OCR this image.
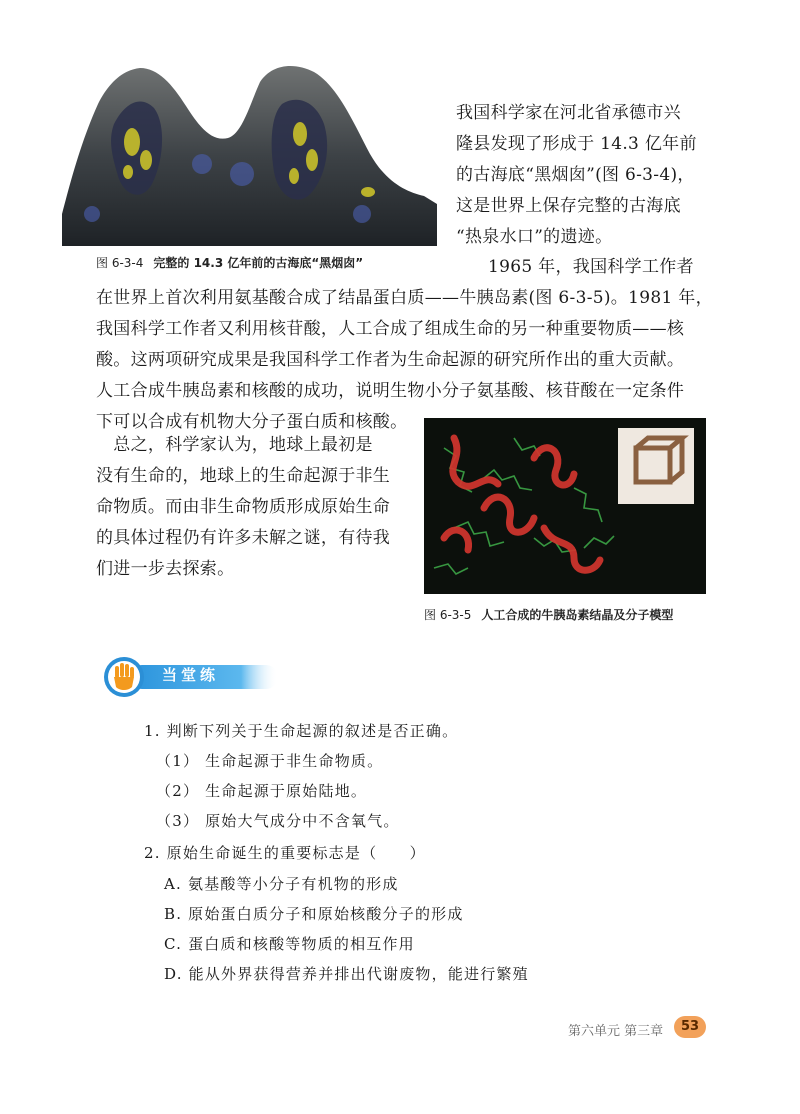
图 6-3-4 完整的 14.3 亿年前的古海底“黑烟囱”
我国科学家在河北省承德市兴
隆县发现了形成于 14.3 亿年前
的古海底“黑烟囱”(图 6-3-4)，
这是世界上保存完整的古海底
“热泉水口”的遗迹。
1965 年，我国科学工作者
在世界上首次利用氨基酸合成了结晶蛋白质——牛胰岛素(图 6-3-5)。1981 年，
我国科学工作者又利用核苷酸，人工合成了组成生命的另一种重要物质——核
酸。这两项研究成果是我国科学工作者为生命起源的研究所作出的重大贡献。
人工合成牛胰岛素和核酸的成功，说明生物小分子氨基酸、核苷酸在一定条件
下可以合成有机物大分子蛋白质和核酸。
　总之，科学家认为，地球上最初是
没有生命的，地球上的生命起源于非生
命物质。而由非生命物质形成原始生命
的具体过程仍有许多未解之谜，有待我
们进一步去探索。
图 6-3-5 人工合成的牛胰岛素结晶及分子模型
当堂练
1. 判断下列关于生命起源的叙述是否正确。
（1） 生命起源于非生命物质。
（2） 生命起源于原始陆地。
（3） 原始大气成分中不含氧气。
2. 原始生命诞生的重要标志是（　　）
A. 氨基酸等小分子有机物的形成
B. 原始蛋白质分子和原始核酸分子的形成
C. 蛋白质和核酸等物质的相互作用
D. 能从外界获得营养并排出代谢废物，能进行繁殖
第六单元 第三章	53
